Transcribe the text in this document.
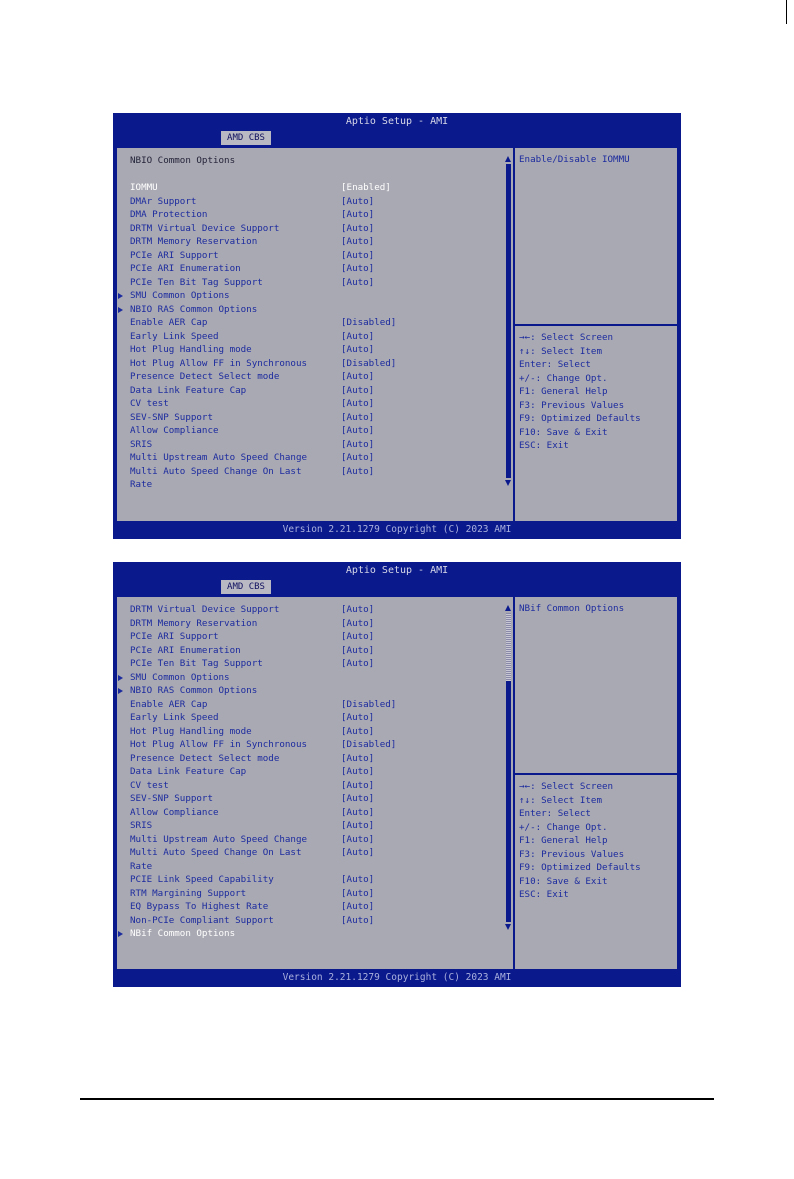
Aptio Setup - AMI
AMD CBS
NBIO Common Options
IOMMU	[Enabled]
DMAr Support	[Auto]
DMA Protection	[Auto]
DRTM Virtual Device Support	[Auto]
DRTM Memory Reservation	[Auto]
PCIe ARI Support	[Auto]
PCIe ARI Enumeration	[Auto]
PCIe Ten Bit Tag Support	[Auto]
SMU Common Options
NBIO RAS Common Options
Enable AER Cap	[Disabled]
Early Link Speed	[Auto]
Hot Plug Handling mode	[Auto]
Hot Plug Allow FF in Synchronous	[Disabled]
Presence Detect Select mode	[Auto]
Data Link Feature Cap	[Auto]
CV test	[Auto]
SEV-SNP Support	[Auto]
Allow Compliance	[Auto]
SRIS	[Auto]
Multi Upstream Auto Speed Change	[Auto]
Multi Auto Speed Change On Last	[Auto]
Rate
Enable/Disable IOMMU
→←: Select Screen
↑↓: Select Item
Enter: Select
+/-: Change Opt.
F1: General Help
F3: Previous Values
F9: Optimized Defaults
F10: Save & Exit
ESC: Exit
Version 2.21.1279 Copyright (C) 2023 AMI
Aptio Setup - AMI
AMD CBS
DRTM Virtual Device Support	[Auto]
DRTM Memory Reservation	[Auto]
PCIe ARI Support	[Auto]
PCIe ARI Enumeration	[Auto]
PCIe Ten Bit Tag Support	[Auto]
SMU Common Options
NBIO RAS Common Options
Enable AER Cap	[Disabled]
Early Link Speed	[Auto]
Hot Plug Handling mode	[Auto]
Hot Plug Allow FF in Synchronous	[Disabled]
Presence Detect Select mode	[Auto]
Data Link Feature Cap	[Auto]
CV test	[Auto]
SEV-SNP Support	[Auto]
Allow Compliance	[Auto]
SRIS	[Auto]
Multi Upstream Auto Speed Change	[Auto]
Multi Auto Speed Change On Last	[Auto]
Rate
PCIE Link Speed Capability	[Auto]
RTM Margining Support	[Auto]
EQ Bypass To Highest Rate	[Auto]
Non-PCIe Compliant Support	[Auto]
NBif Common Options
NBif Common Options
→←: Select Screen
↑↓: Select Item
Enter: Select
+/-: Change Opt.
F1: General Help
F3: Previous Values
F9: Optimized Defaults
F10: Save & Exit
ESC: Exit
Version 2.21.1279 Copyright (C) 2023 AMI
